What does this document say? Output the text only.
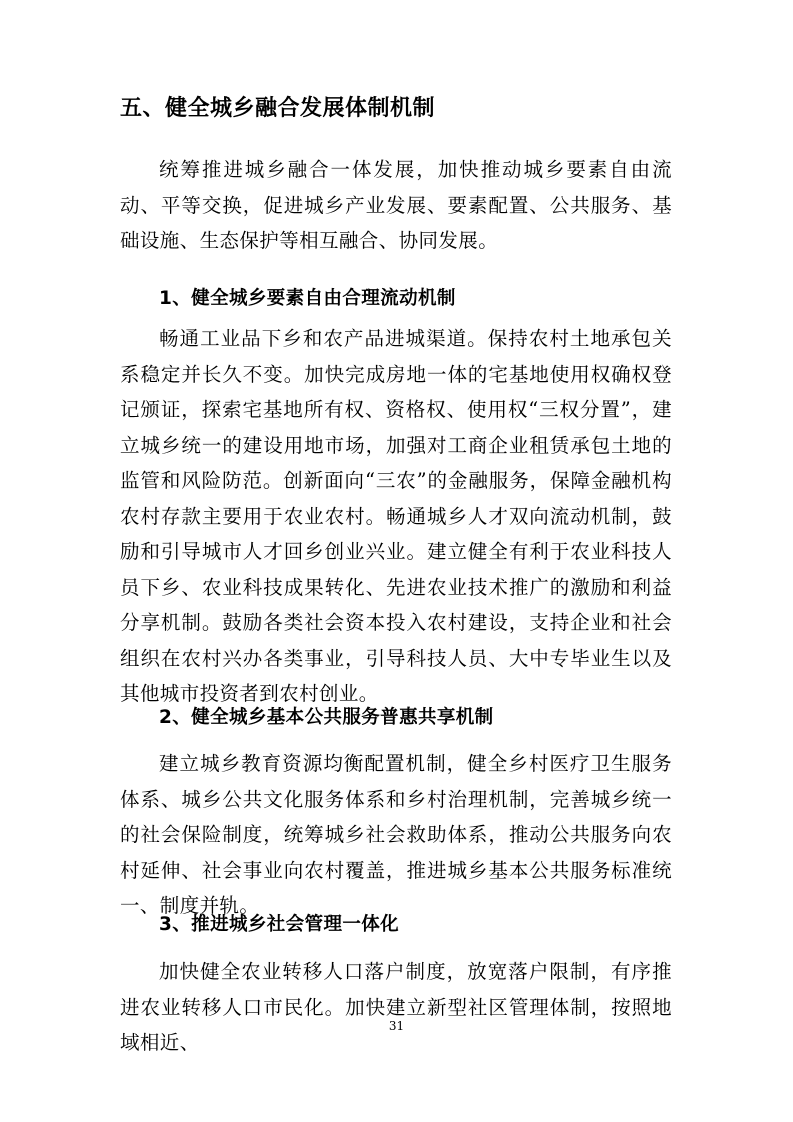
五、健全城乡融合发展体制机制

统筹推进城乡融合一体发展，加快推动城乡要素自由流动、平等交换，促进城乡产业发展、要素配置、公共服务、基础设施、生态保护等相互融合、协同发展。

1、健全城乡要素自由合理流动机制

畅通工业品下乡和农产品进城渠道。保持农村土地承包关系稳定并长久不变。加快完成房地一体的宅基地使用权确权登记颁证，探索宅基地所有权、资格权、使用权“三权分置”，建立城乡统一的建设用地市场，加强对工商企业租赁承包土地的监管和风险防范。创新面向“三农”的金融服务，保障金融机构农村存款主要用于农业农村。畅通城乡人才双向流动机制，鼓励和引导城市人才回乡创业兴业。建立健全有利于农业科技人员下乡、农业科技成果转化、先进农业技术推广的激励和利益分享机制。鼓励各类社会资本投入农村建设，支持企业和社会组织在农村兴办各类事业，引导科技人员、大中专毕业生以及其他城市投资者到农村创业。

2、健全城乡基本公共服务普惠共享机制

建立城乡教育资源均衡配置机制，健全乡村医疗卫生服务体系、城乡公共文化服务体系和乡村治理机制，完善城乡统一的社会保险制度，统筹城乡社会救助体系，推动公共服务向农村延伸、社会事业向农村覆盖，推进城乡基本公共服务标准统一、制度并轨。

3、推进城乡社会管理一体化

加快健全农业转移人口落户制度，放宽落户限制，有序推进农业转移人口市民化。加快建立新型社区管理体制，按照地域相近、

31
